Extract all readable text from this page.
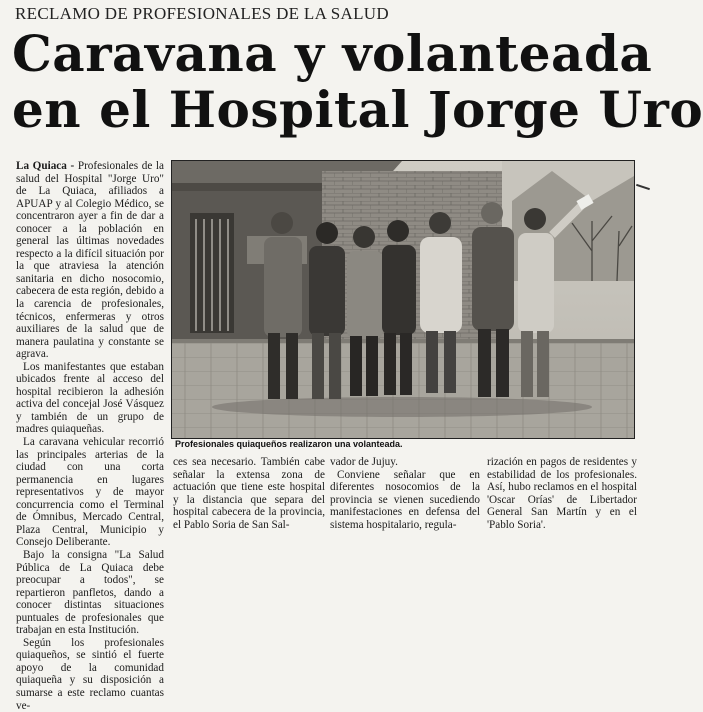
RECLAMO DE PROFESIONALES DE LA SALUD
Caravana y volanteada
en el Hospital Jorge Uro

La Quiaca - Profesionales de la salud del Hospital "Jorge Uro" de La Quiaca, afiliados a APUAP y al Colegio Médico, se concentraron ayer a fin de dar a conocer a la población en general las últimas novedades respecto a la difícil situación por la que atraviesa la atención sanitaria en dicho nosocomio, cabecera de esta región, debido a la carencia de profesionales, técnicos, enfermeras y otros auxiliares de la salud que de manera paulatina y constante se agrava.

Los manifestantes que estaban ubicados frente al acceso del hospital recibieron la adhesión activa del concejal José Vásquez y también de un grupo de madres quiaqueñas.

La caravana vehicular recorrió las principales arterias de la ciudad con una corta permanencia en lugares representativos y de mayor concurrencia como el Terminal de Ómnibus, Mercado Central, Plaza Central, Municipio y Consejo Deliberante.

Bajo la consigna "La Salud Pública de La Quiaca debe preocupar a todos", se repartieron panfletos, dando a conocer distintas situaciones puntuales de profesionales que trabajan en esta Institución.

Según los profesionales quiaqueños, se sintió el fuerte apoyo de la comunidad quiaqueña y su disposición a sumarse a este reclamo cuantas ve-

Profesionales quiaqueños realizaron una volanteada.

ces sea necesario. También cabe señalar la extensa zona de actuación que tiene este hospital y la distancia que separa del hospital cabecera de la provincia, el Pablo Soria de San Sal-

vador de Jujuy.

Conviene señalar que en diferentes nosocomios de la provincia se vienen sucediendo manifestaciones en defensa del sistema hospitalario, regula-

rización en pagos de residentes y estabilidad de los profesionales. Así, hubo reclamos en el hospital 'Oscar Orías' de Libertador General San Martín y en el 'Pablo Soria'.
